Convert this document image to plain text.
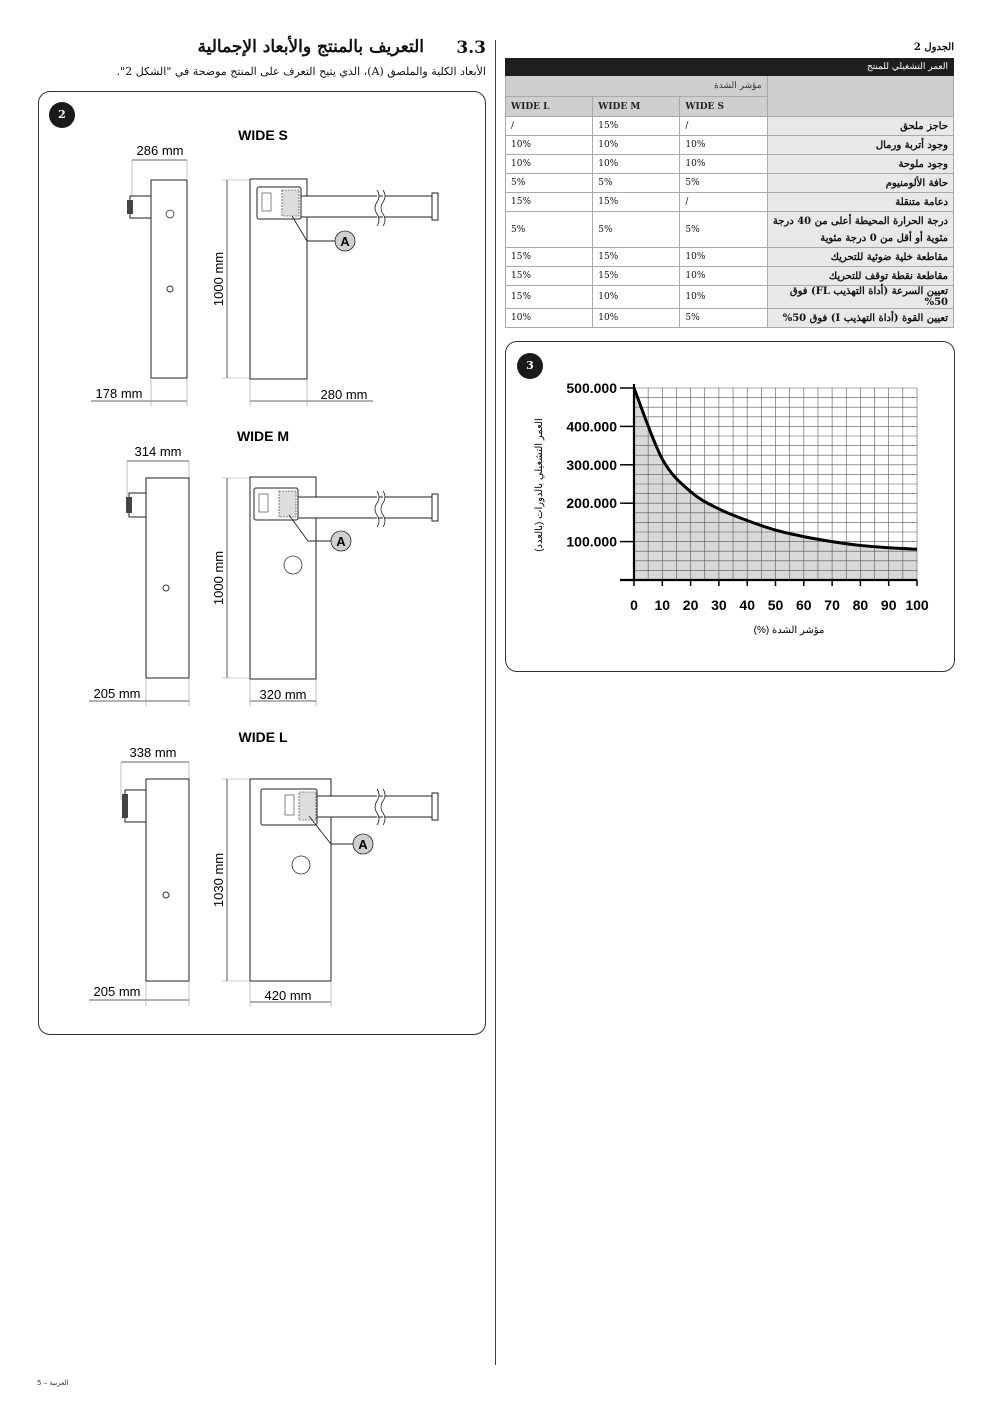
3.3
التعريف بالمنتج والأبعاد الإجمالية
الأبعاد الكلية والملصق (A)، الذي يتيح التعرف على المنتج موضحة في "الشكل 2".
2
WIDE S
286 mm
178 mm
1000 mm
A
280 mm
WIDE M
314 mm
205 mm
1000 mm
A
320 mm
WIDE L
338 mm
205 mm
1030 mm
A
420 mm
الجدول 2
العمر التشغيلي للمنتج			
	مؤشر الشدة		
	WIDE S	WIDE M	WIDE L
حاجز ملحق	/	15%	/
وجود أتربة ورمال	10%	10%	10%
وجود ملوحة	10%	10%	10%
حافة الألومنيوم	5%	5%	5%
دعامة متنقلة	/	15%	15%

درجة الحرارة المحيطة أعلى من 40 درجة
مئوية أو أقل من 0 درجة مئوية	5%	5%	5%
مقاطعة خلية ضوئية للتحريك	10%	15%	15%
مقاطعة نقطة توقف للتحريك	10%	15%	15%
تعيين السرعة (أداة التهذيب FL) فوق 50%	10%	10%	15%
تعيين القوة (أداة التهذيب I) فوق 50%	5%	10%	10%
3
0 10 20 30 40 50 60 70 80 90 100
100.000
200.000
300.000
400.000
500.000
(%) مؤشر الشدة
العمر التشغيلي بالدورات (بالعدد)
العربية – 5
